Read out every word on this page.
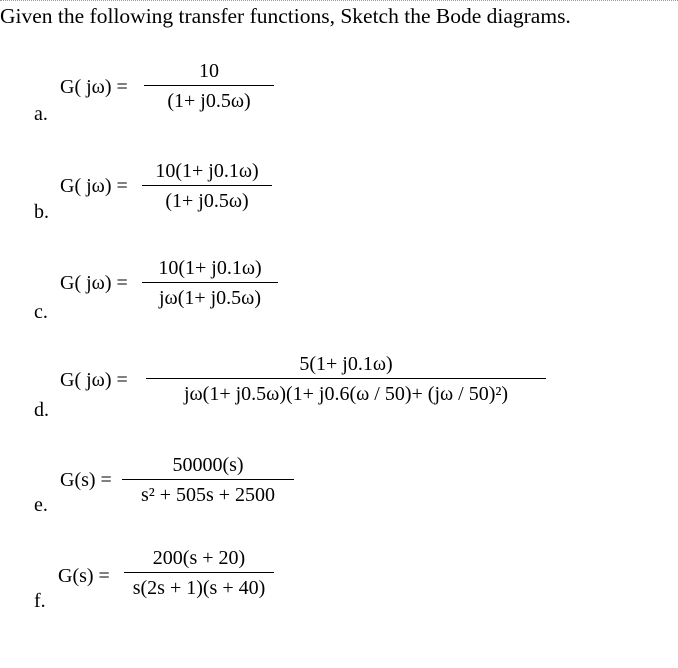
Given the following transfer functions, Sketch the Bode diagrams.
a.
G( jω) =
10
(1+ j0.5ω)
b.
G( jω) =
10(1+ j0.1ω)
(1+ j0.5ω)
c.
G( jω) =
10(1+ j0.1ω)
jω(1+ j0.5ω)
d.
G( jω) =
5(1+ j0.1ω)
jω(1+ j0.5ω)(1+ j0.6(ω / 50)+ (jω / 50)²)
e.
G(s) =
50000(s)
s² + 505s + 2500
f.
G(s) =
200(s + 20)
s(2s + 1)(s + 40)
